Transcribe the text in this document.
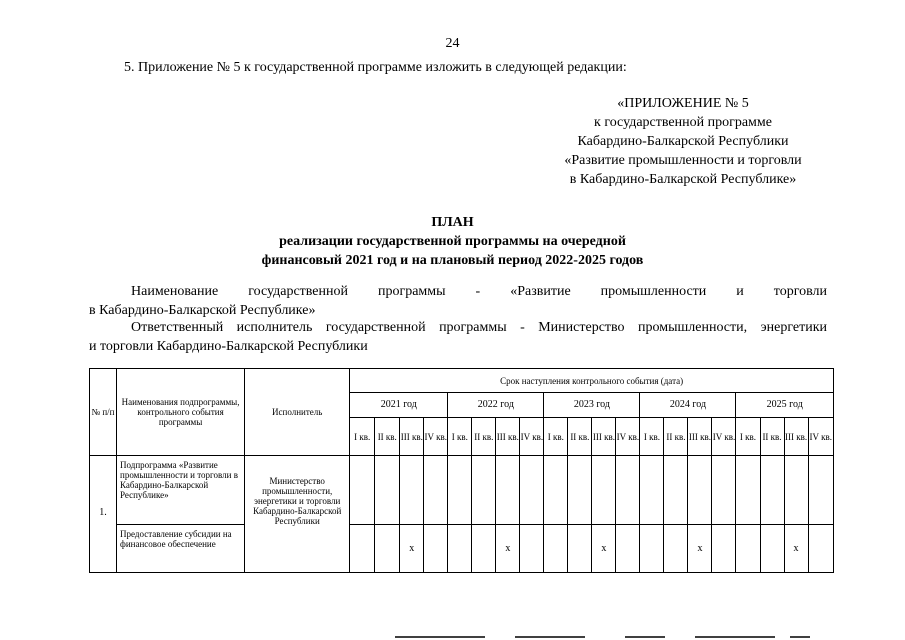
24
5. Приложение № 5 к государственной программе изложить в следующей редакции:
«ПРИЛОЖЕНИЕ № 5
к государственной программе
Кабардино-Балкарской Республики
«Развитие промышленности и торговли
в Кабардино-Балкарской Республике»
ПЛАН
реализации государственной программы на очередной
финансовый 2021 год и на плановый период 2022-2025 годов
Наименование государственной программы - «Развитие промышленности и торговли
в Кабардино-Балкарской Республике»
Ответственный исполнитель государственной программы - Министерство промышленности, энергетики
и торговли Кабардино-Балкарской Республики
№ п/п	Наименования подпрограммы, контрольного события программы	Исполнитель	Срок наступления контрольного события (дата)																			
			2021 год				2022 год				2023 год				2024 год				2025 год			
			I кв.	II кв.	III кв.	IV кв.	I кв.	II кв.	III кв.	IV кв.	I кв.	II кв.	III кв.	IV кв.	I кв.	II кв.	III кв.	IV кв.	I кв.	II кв.	III кв.	IV кв.
1.	Подпрограмма «Развитие промышленности и торговли в Кабардино-Балкарской Республике»	Министерство промышленности, энергетики и торговли Кабардино-Балкарской Республики																				
	Предоставление субсидии на финансовое обеспечение				х				х				х				х				х	
